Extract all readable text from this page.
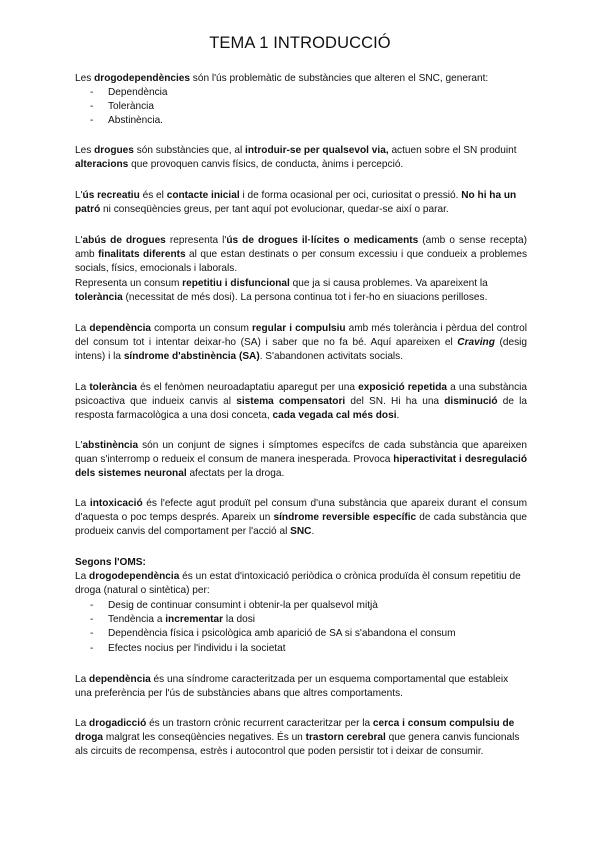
TEMA 1 INTRODUCCIÓ

Les drogodependències són l'ús problemàtic de substàncies que alteren el SNC, generant:

- Dependència
- Tolerància
- Abstinència.

Les drogues són substàncies que, al introduir-se per qualsevol via, actuen sobre el SN produint alteracions que provoquen canvis físics, de conducta, ànims i percepció.

L'ús recreatiu és el contacte inicial i de forma ocasional per oci, curiositat o pressió. No hi ha un patró ni conseqüències greus, per tant aquí pot evolucionar, quedar-se així o parar.

L'abús de drogues representa l'ús de drogues il·lícites o medicaments (amb o sense recepta) amb finalitats diferents al que estan destinats o per consum excessiu i que condueix a problemes socials, físics, emocionals i laborals.

Representa un consum repetitiu i disfuncional que ja si causa problemes. Va apareixent la tolerància (necessitat de més dosi). La persona continua tot i fer-ho en siuacions perilloses.

La dependència comporta un consum regular i compulsiu amb més tolerància i pèrdua del control del consum tot i intentar deixar-ho (SA) i saber que no fa bé. Aquí apareixen el Craving (desig intens) i la síndrome d'abstinència (SA). S'abandonen activitats socials.

La tolerància és el fenòmen neuroadaptatiu aparegut per una exposició repetida a una substància psicoactiva que indueix canvis al sistema compensatori del SN. Hi ha una disminució de la resposta farmacològica a una dosi conceta, cada vegada cal més dosi.

L'abstinència són un conjunt de signes i símptomes específcs de cada substància que apareixen quan s'interromp o redueix el consum de manera inesperada. Provoca hiperactivitat i desregulació dels sistemes neuronal afectats per la droga.

La intoxicació és l'efecte agut produït pel consum d'una substància que apareix durant el consum d'aquesta o poc temps després. Apareix un síndrome reversible específic de cada substància que produeix canvis del comportament per l'acció al SNC.

Segons l'OMS:

La drogodependència és un estat d'intoxicació periòdica o crònica produïda èl consum repetitiu de droga (natural o sintètica) per:

- Desig de continuar consumint i obtenir-la per qualsevol mitjà
- Tendència a incrementar la dosi
- Dependència física i psicològica amb aparició de SA si s'abandona el consum
- Efectes nocius per l'individu i la societat

La dependència és una síndrome caracteritzada per un esquema comportamental que estableix una preferència per l'ús de substàncies abans que altres comportaments.

La drogadicció és un trastorn crònic recurrent caracteritzar per la cerca i consum compulsiu de droga malgrat les conseqüències negatives. És un trastorn cerebral que genera canvis funcionals als circuits de recompensa, estrès i autocontrol que poden persistir tot i deixar de consumir.
